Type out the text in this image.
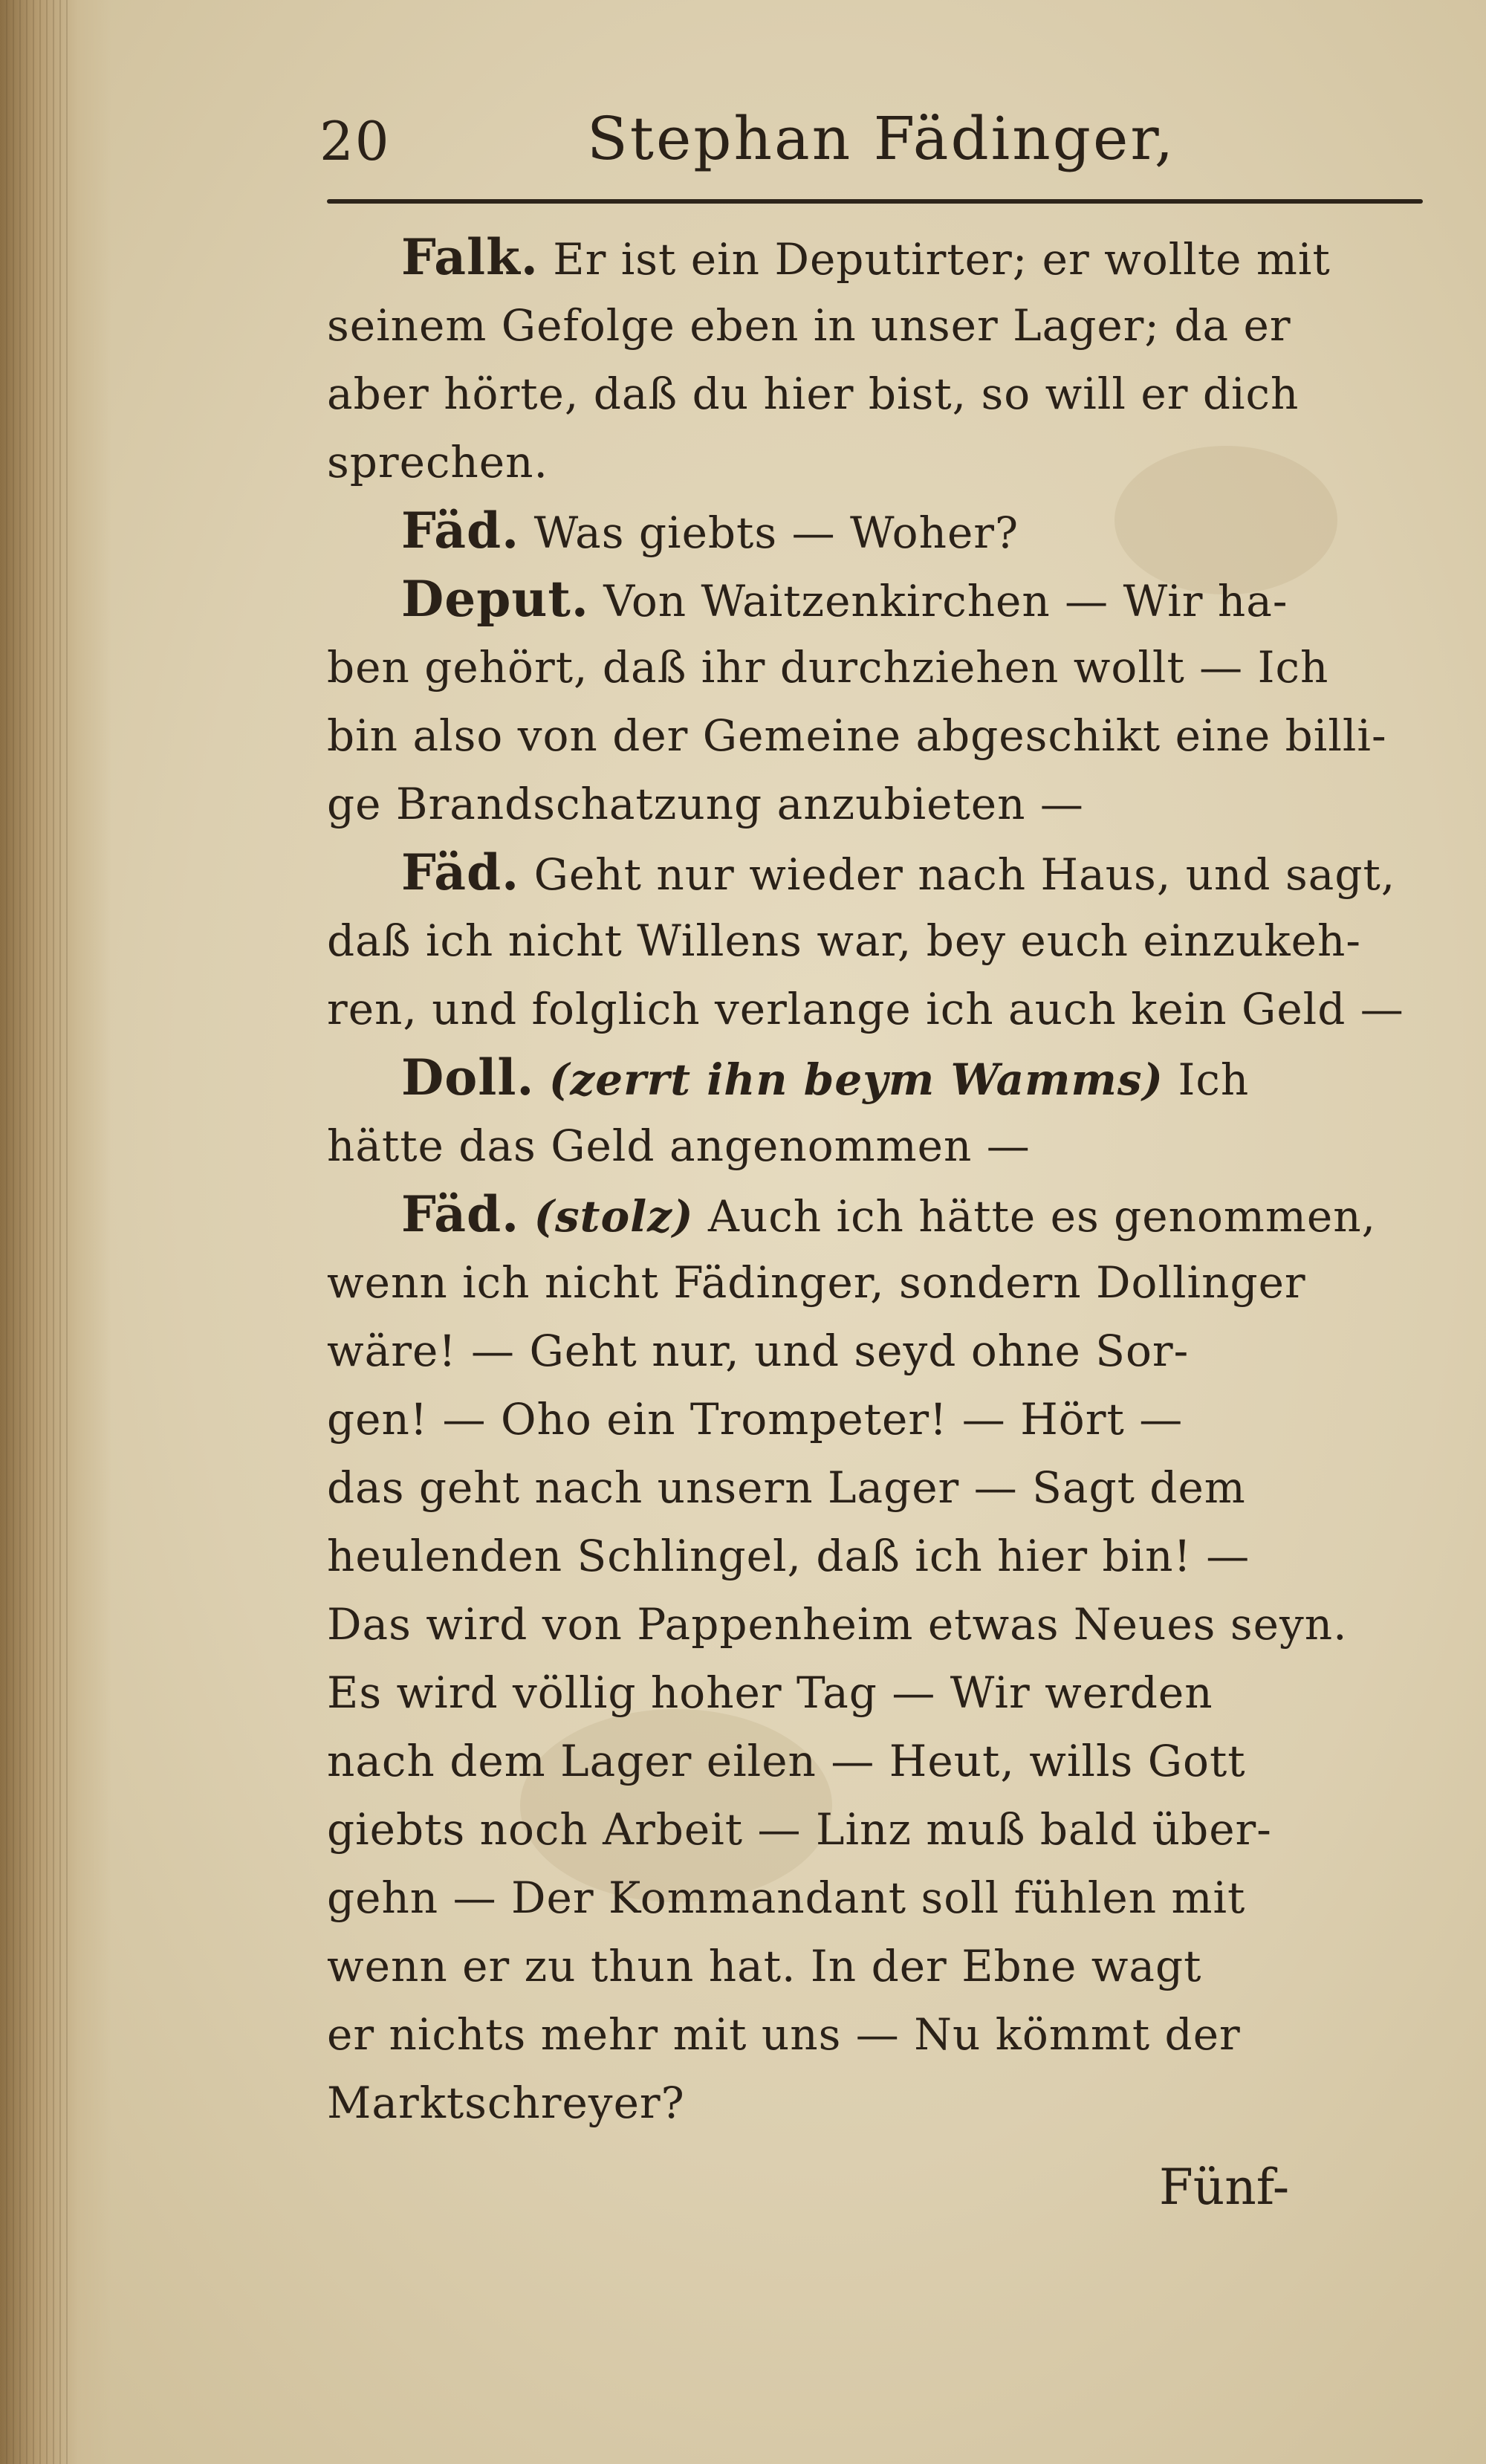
20	Stephan Fädinger,
Falk. Er ist ein Deputirter; er wollte mit
seinem Gefolge eben in unser Lager; da er
aber hörte, daß du hier bist, so will er dich
sprechen.
Fäd. Was giebts — Woher?
Deput. Von Waitzenkirchen — Wir ha-
ben gehört, daß ihr durchziehen wollt — Ich
bin also von der Gemeine abgeschikt eine billi-
ge Brandschatzung anzubieten —
Fäd. Geht nur wieder nach Haus, und sagt,
daß ich nicht Willens war, bey euch einzukeh-
ren, und folglich verlange ich auch kein Geld —
Doll. (zerrt ihn beym Wamms) Ich
hätte das Geld angenommen —
Fäd. (stolz) Auch ich hätte es genommen,
wenn ich nicht Fädinger, sondern Dollinger
wäre! — Geht nur, und seyd ohne Sor-
gen! — Oho ein Trompeter! — Hört —
das geht nach unsern Lager — Sagt dem
heulenden Schlingel, daß ich hier bin! —
Das wird von Pappenheim etwas Neues seyn.
Es wird völlig hoher Tag — Wir werden
nach dem Lager eilen — Heut, wills Gott
giebts noch Arbeit — Linz muß bald über-
gehn — Der Kommandant soll fühlen mit
wenn er zu thun hat. In der Ebne wagt
er nichts mehr mit uns — Nu kömmt der
Marktschreyer?
Fünf-
